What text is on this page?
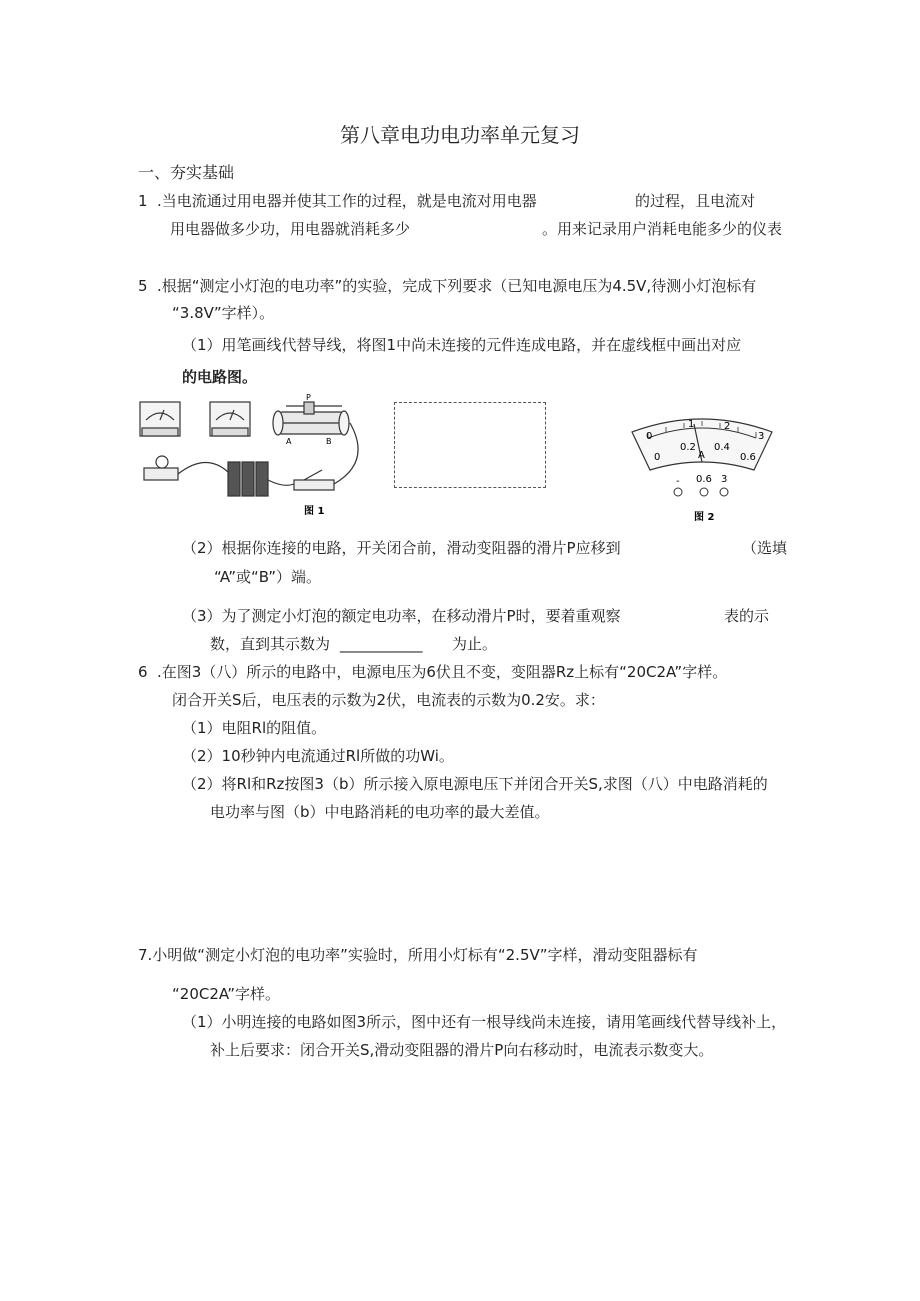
第八章电功电功率单元复习
一、夯实基础
1 .当电流通过用电器并使其工作的过程，就是电流对用电器	的过程，且电流对
用电器做多少功，用电器就消耗多少	。用来记录用户消耗电能多少的仪表
5 .根据“测定小灯泡的电功率”的实验，完成下列要求（已知电源电压为4.5V,待测小灯泡标有
“3.8V”字样）。
（1）用笔画线代替导线，将图1中尚未连接的元件连成电路，并在虚线框中画出对应
的电路图。
P
A	B
图 1
0
1	2
3
0
0.2 0.4
0.6
A
- 0.6 3
图 2
（2）根据你连接的电路，开关闭合前，滑动变阻器的滑片P应移到	（选填
“A”或“B”）端。
（3）为了测定小灯泡的额定电功率，在移动滑片P时，要着重观察	表的示
数，直到其示数为 ___________ 为止。
6 .在图3（八）所示的电路中，电源电压为6伏且不变，变阻器Rz上标有“20C2A”字样。
闭合开关S后，电压表的示数为2伏，电流表的示数为0.2安。求：
（1）电阻Rl的阻值。
（2）10秒钟内电流通过Rl所做的功Wi。
（2）将Rl和Rz按图3（b）所示接入原电源电压下并闭合开关S,求图（八）中电路消耗的
电功率与图（b）中电路消耗的电功率的最大差值。
7.小明做“测定小灯泡的电功率”实验时，所用小灯标有“2.5V”字样，滑动变阻器标有
“20C2A”字样。
（1）小明连接的电路如图3所示，图中还有一根导线尚未连接，请用笔画线代替导线补上，
补上后要求：闭合开关S,滑动变阻器的滑片P向右移动时，电流表示数变大。
